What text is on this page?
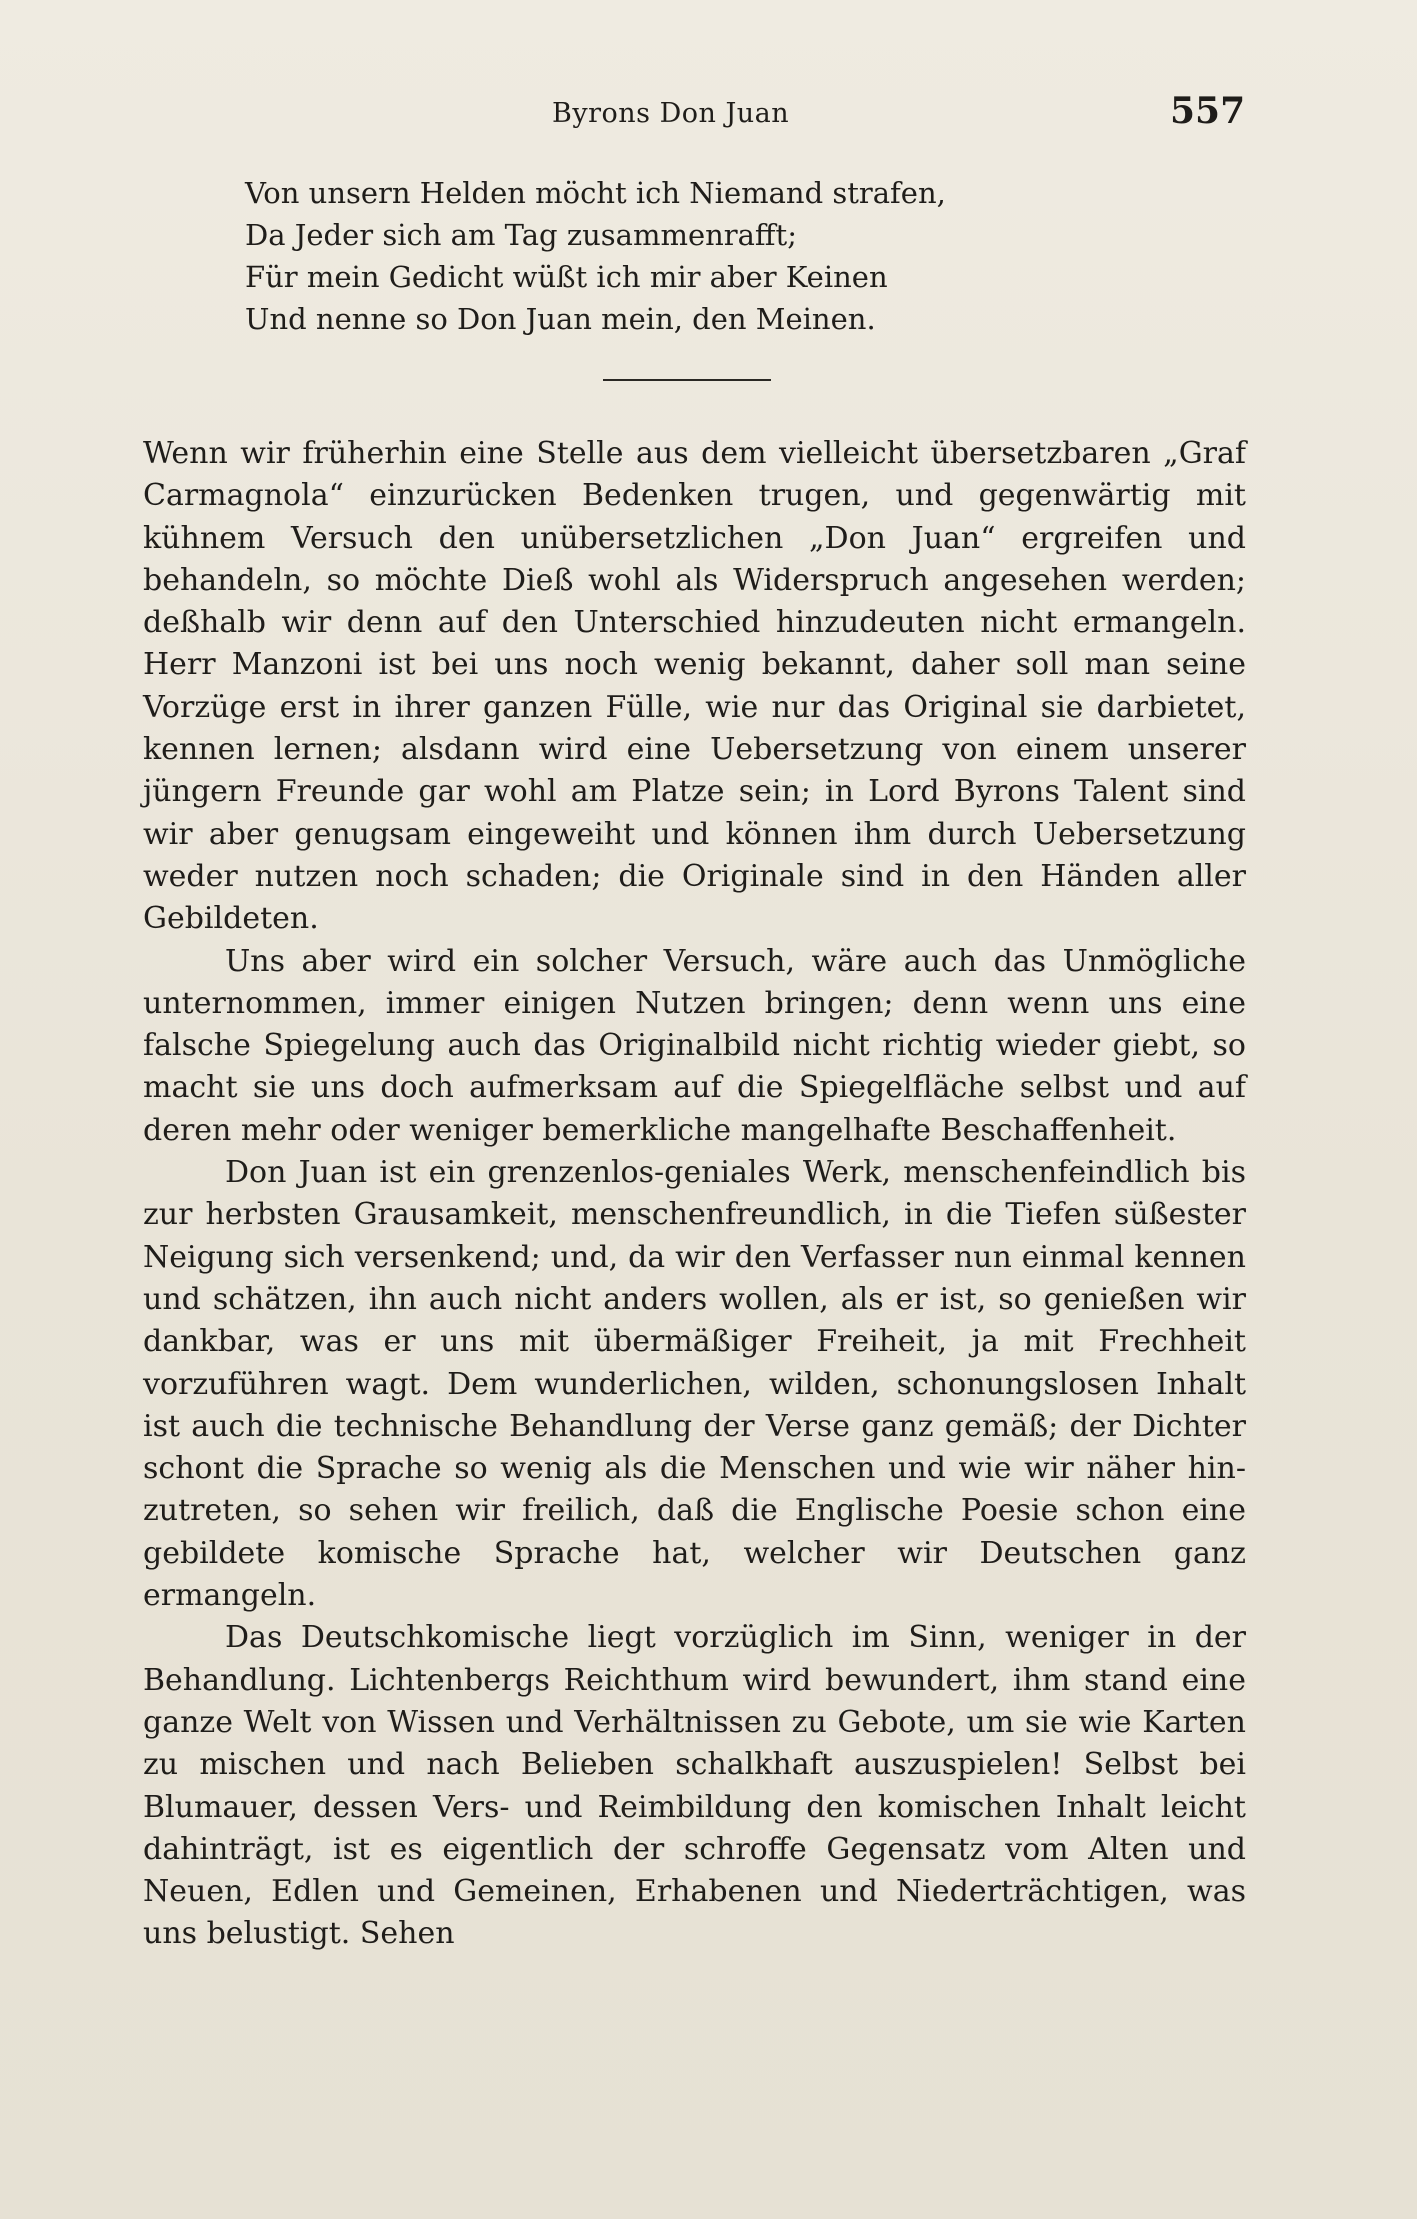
Byrons Don Juan	557
Von unsern Helden möcht ich Niemand strafen,
Da Jeder sich am Tag zusammenrafft;
Für mein Gedicht wüßt ich mir aber Keinen
Und nenne so Don Juan mein, den Meinen.

Wenn wir früherhin eine Stelle aus dem vielleicht übersetzbaren „Graf Carmagnola“ einzurücken Bedenken trugen, und gegenwärtig mit kühnem Versuch den unübersetzlichen „Don Juan“ ergreifen und behandeln, so möchte Dieß wohl als Widerspruch angesehen werden; deßhalb wir denn auf den Unterschied hinzudeuten nicht ermangeln. Herr Manzoni ist bei uns noch wenig bekannt, daher soll man seine Vorzüge erst in ihrer ganzen Fülle, wie nur das Original sie darbietet, kennen lernen; alsdann wird eine Uebersetzung von einem unserer jüngern Freunde gar wohl am Platze sein; in Lord Byrons Talent sind wir aber genugsam eingeweiht und können ihm durch Uebersetzung weder nutzen noch schaden; die Originale sind in den Händen aller Gebildeten.

Uns aber wird ein solcher Versuch, wäre auch das Unmögliche unternommen, immer einigen Nutzen bringen; denn wenn uns eine falsche Spiegelung auch das Originalbild nicht richtig wieder giebt, so macht sie uns doch aufmerksam auf die Spiegelfläche selbst und auf deren mehr oder weniger bemerkliche mangelhafte Beschaffenheit.

Don Juan ist ein grenzenlos-geniales Werk, menschenfeindlich bis zur herbsten Grausamkeit, menschenfreundlich, in die Tiefen süßester Neigung sich versenkend; und, da wir den Verfasser nun einmal kennen und schätzen, ihn auch nicht anders wollen, als er ist, so genießen wir dankbar, was er uns mit übermäßiger Freiheit, ja mit Frechheit vorzuführen wagt. Dem wunderlichen, wilden, schonungslosen Inhalt ist auch die technische Behandlung der Verse ganz gemäß; der Dichter schont die Sprache so wenig als die Menschen und wie wir näher hinzutreten, so sehen wir freilich, daß die Englische Poesie schon eine gebildete komische Sprache hat, welcher wir Deutschen ganz ermangeln.

Das Deutschkomische liegt vorzüglich im Sinn, weniger in der Behandlung. Lichtenbergs Reichthum wird bewundert, ihm stand eine ganze Welt von Wissen und Verhältnissen zu Gebote, um sie wie Karten zu mischen und nach Belieben schalkhaft auszuspielen! Selbst bei Blumauer, dessen Vers- und Reimbildung den komischen Inhalt leicht dahinträgt, ist es eigentlich der schroffe Gegensatz vom Alten und Neuen, Edlen und Gemeinen, Erhabenen und Niederträchtigen, was uns belustigt. Sehen
